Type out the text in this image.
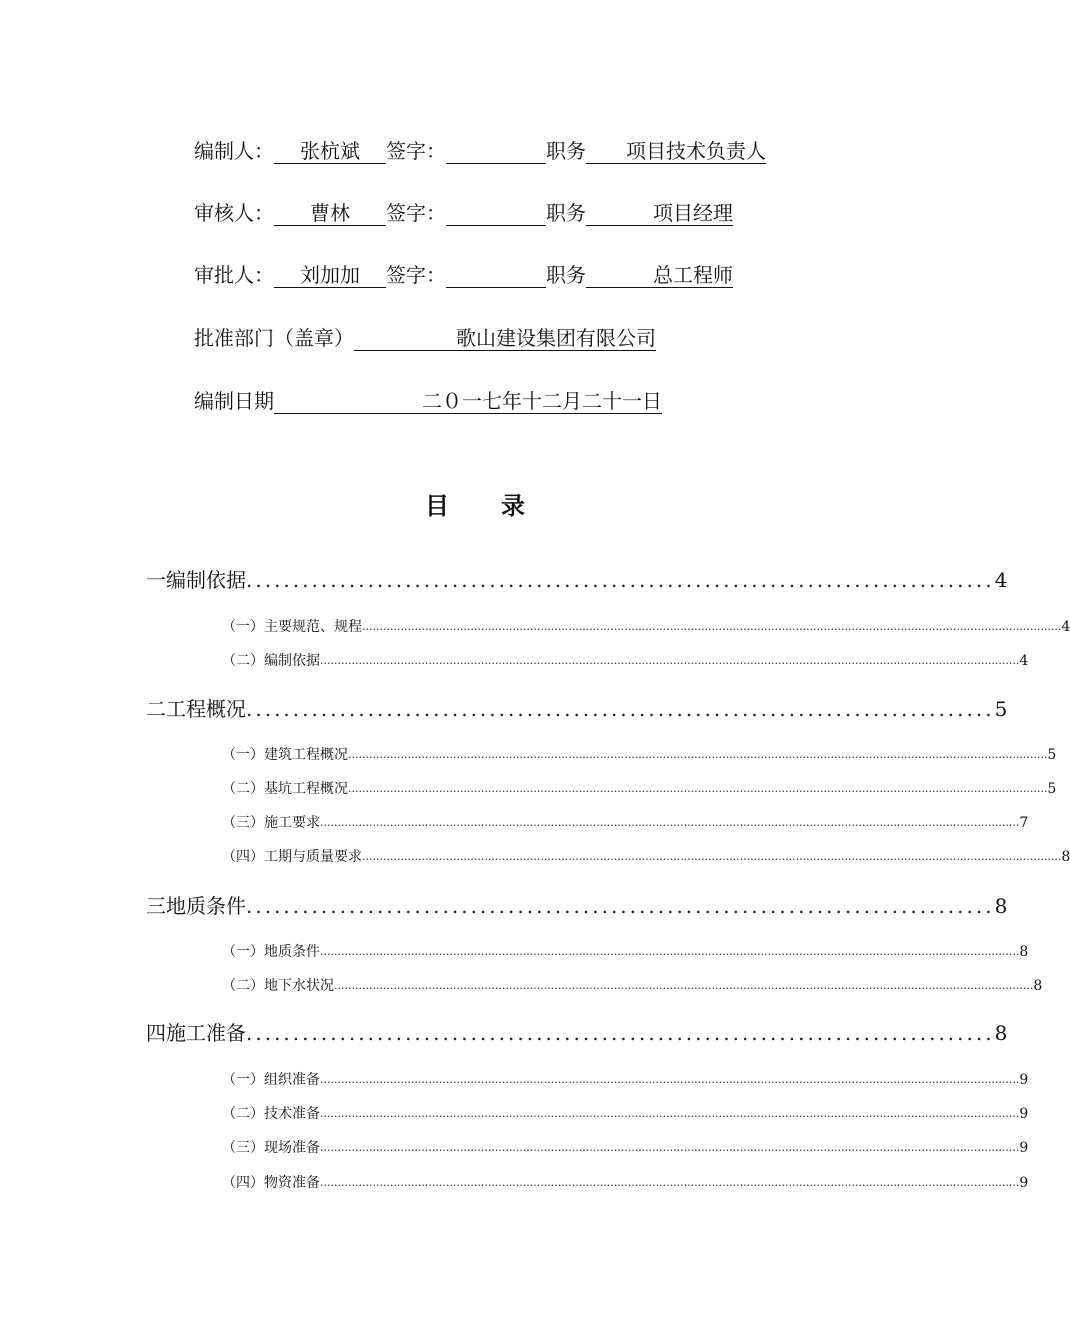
编制人： 张杭斌 签字：	职务 项目技术负责人
审核人： 曹林 签字：	职务	项目经理
审批人： 刘加加 签字：	职务	总工程师
批准部门（盖章）	歌山建设集团有限公司
编制日期	二０一七年十二月二十一日
目 录
一 编制依据 ................................................................................ 4
（一） 主要规范、规程 ........................................................................................................................................................................................................ 4
（二） 编制依据 ........................................................................................................................................................................................................ 4
二 工程概况 ................................................................................ 5
（一） 建筑工程概况 ........................................................................................................................................................................................................ 5
（二） 基坑工程概况 ........................................................................................................................................................................................................ 5
（三） 施工要求 ........................................................................................................................................................................................................ 7
（四） 工期与质量要求 ........................................................................................................................................................................................................ 8
三 地质条件 ................................................................................ 8
（一） 地质条件 ........................................................................................................................................................................................................ 8
（二） 地下水状况 ........................................................................................................................................................................................................ 8
四 施工准备 ................................................................................ 8
（一） 组织准备 ........................................................................................................................................................................................................ 9
（二） 技术准备 ........................................................................................................................................................................................................ 9
（三） 现场准备 ........................................................................................................................................................................................................ 9
（四） 物资准备 ........................................................................................................................................................................................................ 9
